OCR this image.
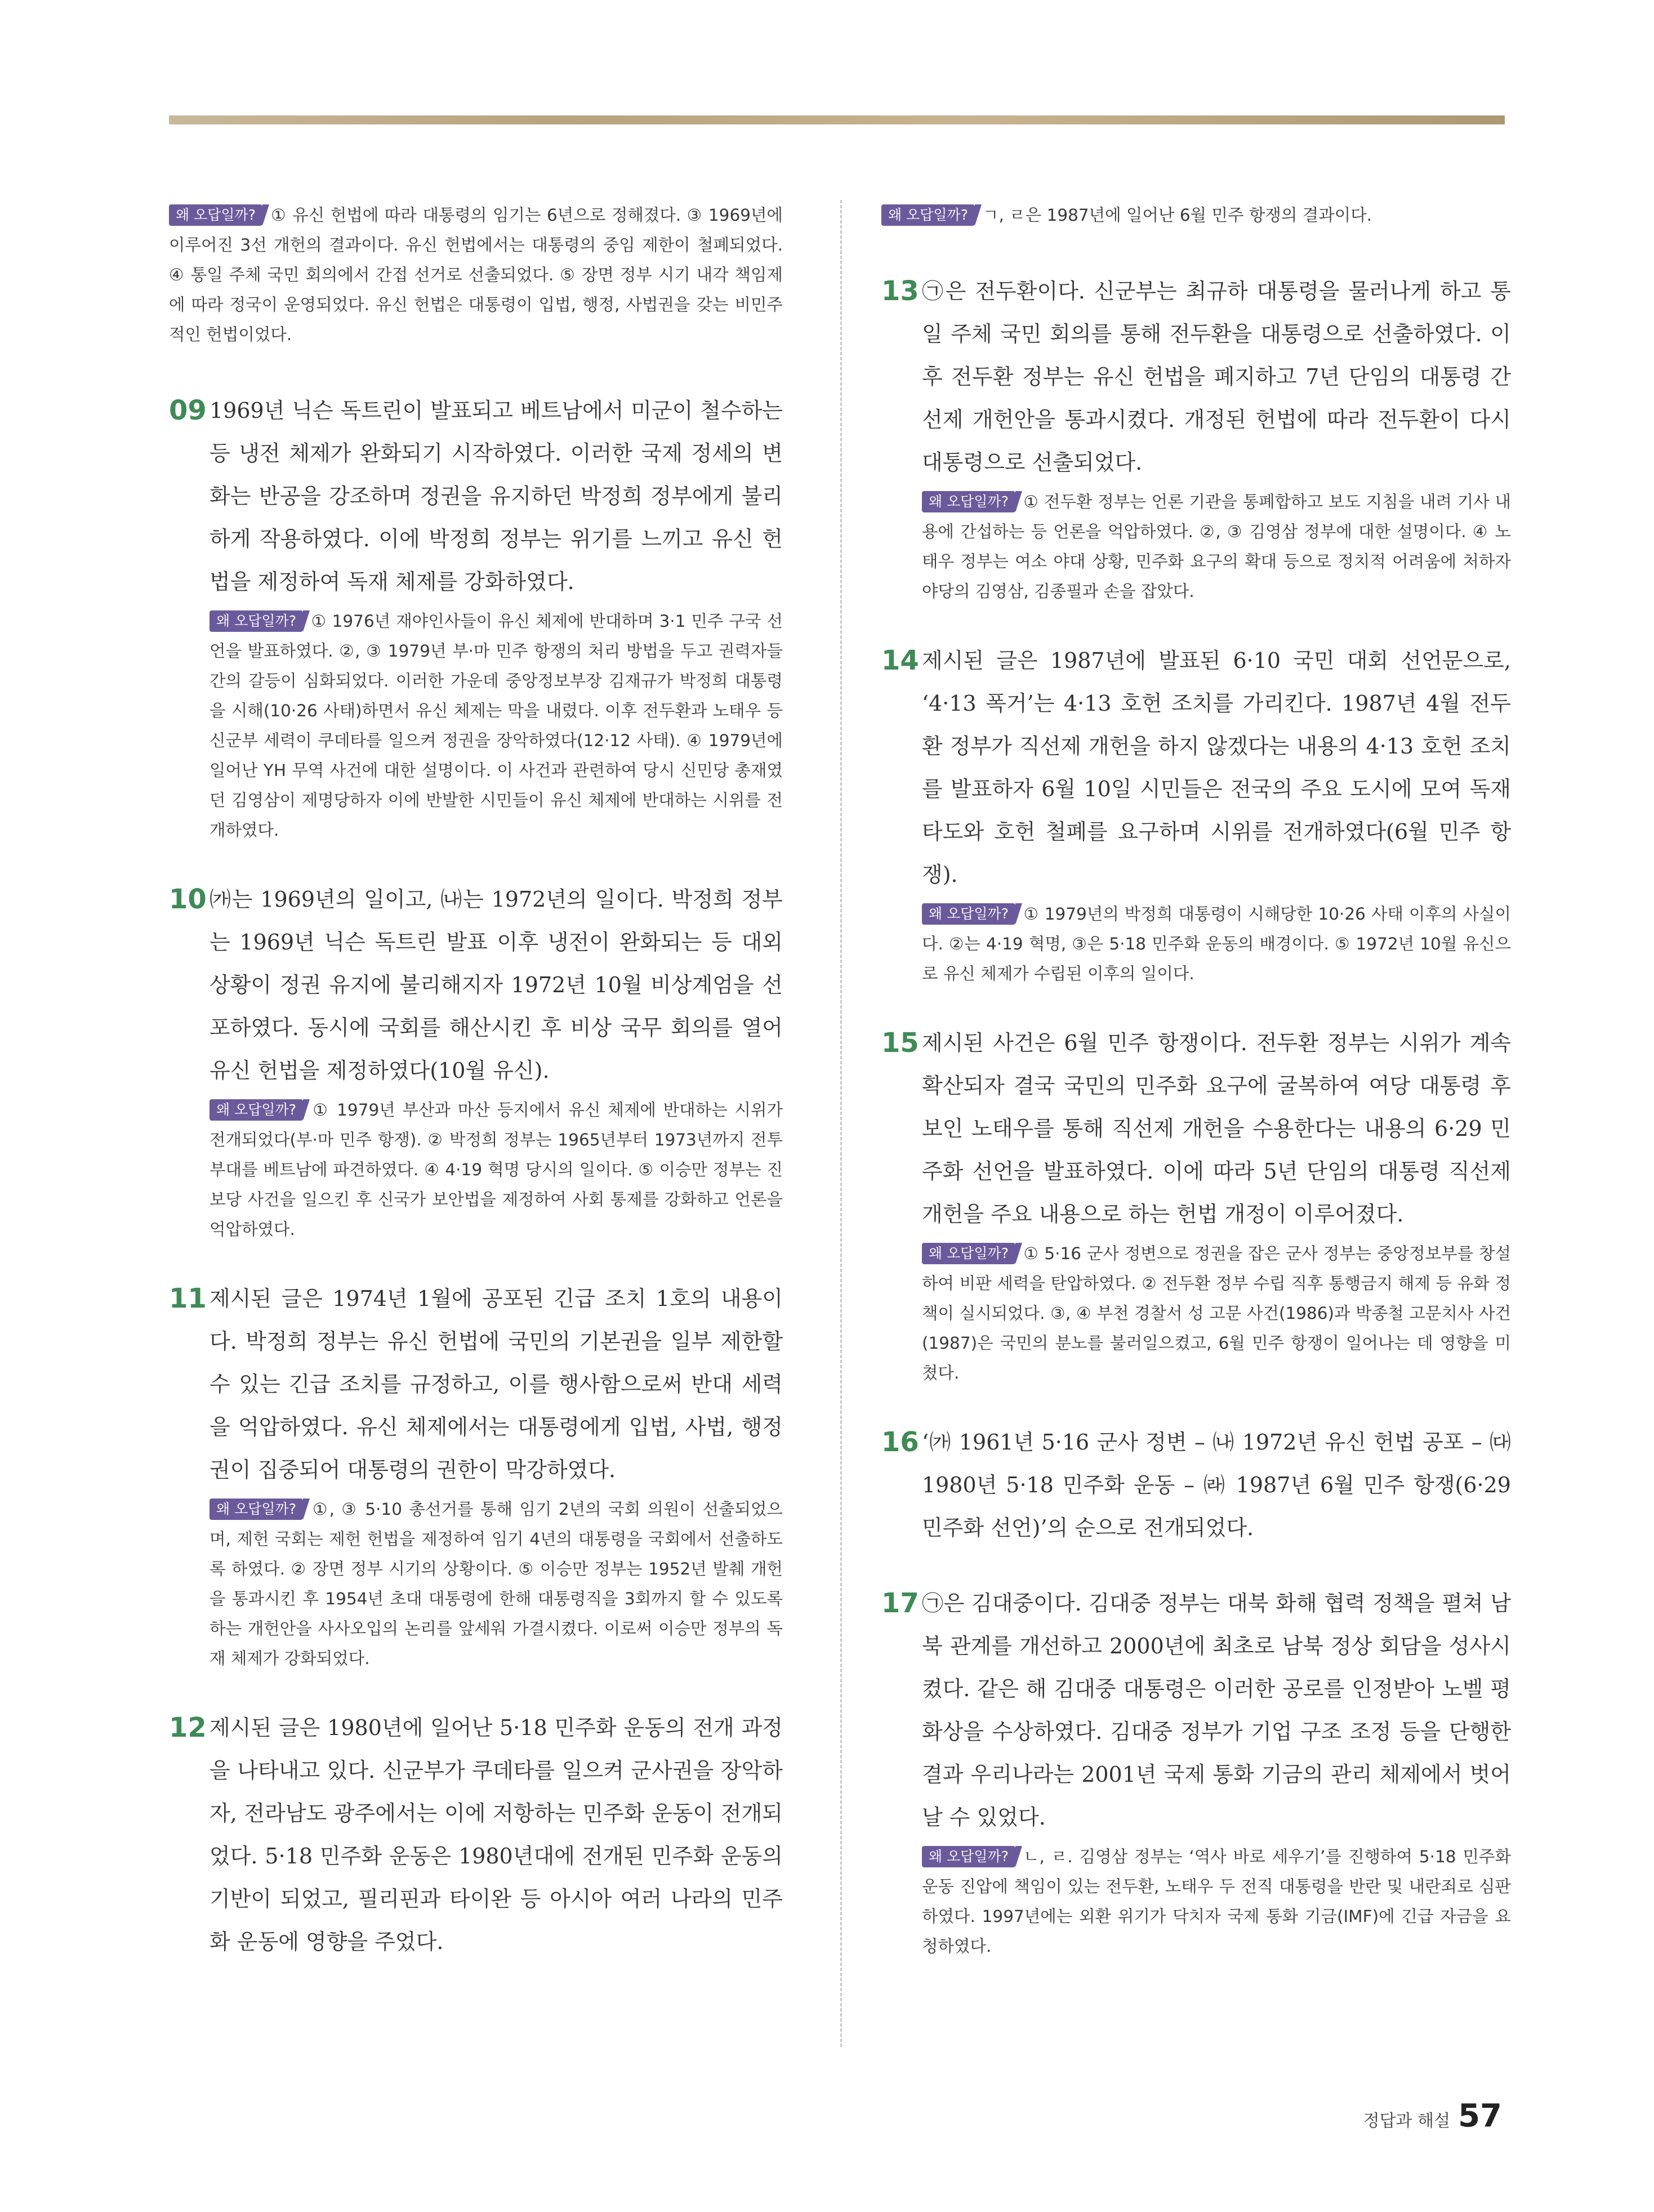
왜 오답일까? ① 유신 헌법에 따라 대통령의 임기는 6년으로 정해졌다. ③ 1969년에 이루어진 3선 개헌의 결과이다. 유신 헌법에서는 대통령의 중임 제한이 철폐되었다. ④ 통일 주체 국민 회의에서 간접 선거로 선출되었다. ⑤ 장면 정부 시기 내각 책임제에 따라 정국이 운영되었다. 유신 헌법은 대통령이 입법, 행정, 사법권을 갖는 비민주적인 헌법이었다.

09 1969년 닉슨 독트린이 발표되고 베트남에서 미군이 철수하는 등 냉전 체제가 완화되기 시작하였다. 이러한 국제 정세의 변화는 반공을 강조하며 정권을 유지하던 박정희 정부에게 불리하게 작용하였다. 이에 박정희 정부는 위기를 느끼고 유신 헌법을 제정하여 독재 체제를 강화하였다.

왜 오답일까? ① 1976년 재야인사들이 유신 체제에 반대하며 3·1 민주 구국 선언을 발표하였다. ②, ③ 1979년 부·마 민주 항쟁의 처리 방법을 두고 권력자들 간의 갈등이 심화되었다. 이러한 가운데 중앙정보부장 김재규가 박정희 대통령을 시해(10·26 사태)하면서 유신 체제는 막을 내렸다. 이후 전두환과 노태우 등 신군부 세력이 쿠데타를 일으켜 정권을 장악하였다(12·12 사태). ④ 1979년에 일어난 YH 무역 사건에 대한 설명이다. 이 사건과 관련하여 당시 신민당 총재였던 김영삼이 제명당하자 이에 반발한 시민들이 유신 체제에 반대하는 시위를 전개하였다.

10 ㈎는 1969년의 일이고, ㈏는 1972년의 일이다. 박정희 정부는 1969년 닉슨 독트린 발표 이후 냉전이 완화되는 등 대외 상황이 정권 유지에 불리해지자 1972년 10월 비상계엄을 선포하였다. 동시에 국회를 해산시킨 후 비상 국무 회의를 열어 유신 헌법을 제정하였다(10월 유신).

왜 오답일까? ① 1979년 부산과 마산 등지에서 유신 체제에 반대하는 시위가 전개되었다(부·마 민주 항쟁). ② 박정희 정부는 1965년부터 1973년까지 전투 부대를 베트남에 파견하였다. ④ 4·19 혁명 당시의 일이다. ⑤ 이승만 정부는 진보당 사건을 일으킨 후 신국가 보안법을 제정하여 사회 통제를 강화하고 언론을 억압하였다.

11 제시된 글은 1974년 1월에 공포된 긴급 조치 1호의 내용이다. 박정희 정부는 유신 헌법에 국민의 기본권을 일부 제한할 수 있는 긴급 조치를 규정하고, 이를 행사함으로써 반대 세력을 억압하였다. 유신 체제에서는 대통령에게 입법, 사법, 행정권이 집중되어 대통령의 권한이 막강하였다.

왜 오답일까? ①, ③ 5·10 총선거를 통해 임기 2년의 국회 의원이 선출되었으며, 제헌 국회는 제헌 헌법을 제정하여 임기 4년의 대통령을 국회에서 선출하도록 하였다. ② 장면 정부 시기의 상황이다. ⑤ 이승만 정부는 1952년 발췌 개헌을 통과시킨 후 1954년 초대 대통령에 한해 대통령직을 3회까지 할 수 있도록 하는 개헌안을 사사오입의 논리를 앞세워 가결시켰다. 이로써 이승만 정부의 독재 체제가 강화되었다.

12 제시된 글은 1980년에 일어난 5·18 민주화 운동의 전개 과정을 나타내고 있다. 신군부가 쿠데타를 일으켜 군사권을 장악하자, 전라남도 광주에서는 이에 저항하는 민주화 운동이 전개되었다. 5·18 민주화 운동은 1980년대에 전개된 민주화 운동의 기반이 되었고, 필리핀과 타이완 등 아시아 여러 나라의 민주화 운동에 영향을 주었다.

왜 오답일까? ㄱ, ㄹ은 1987년에 일어난 6월 민주 항쟁의 결과이다.

13 ㉠은 전두환이다. 신군부는 최규하 대통령을 물러나게 하고 통일 주체 국민 회의를 통해 전두환을 대통령으로 선출하였다. 이후 전두환 정부는 유신 헌법을 폐지하고 7년 단임의 대통령 간선제 개헌안을 통과시켰다. 개정된 헌법에 따라 전두환이 다시 대통령으로 선출되었다.

왜 오답일까? ① 전두환 정부는 언론 기관을 통폐합하고 보도 지침을 내려 기사 내용에 간섭하는 등 언론을 억압하였다. ②, ③ 김영삼 정부에 대한 설명이다. ④ 노태우 정부는 여소 야대 상황, 민주화 요구의 확대 등으로 정치적 어려움에 처하자 야당의 김영삼, 김종필과 손을 잡았다.

14 제시된 글은 1987년에 발표된 6·10 국민 대회 선언문으로, ‘4·13 폭거’는 4·13 호헌 조치를 가리킨다. 1987년 4월 전두환 정부가 직선제 개헌을 하지 않겠다는 내용의 4·13 호헌 조치를 발표하자 6월 10일 시민들은 전국의 주요 도시에 모여 독재 타도와 호헌 철폐를 요구하며 시위를 전개하였다(6월 민주 항쟁).

왜 오답일까? ① 1979년의 박정희 대통령이 시해당한 10·26 사태 이후의 사실이다. ②는 4·19 혁명, ③은 5·18 민주화 운동의 배경이다. ⑤ 1972년 10월 유신으로 유신 체제가 수립된 이후의 일이다.

15 제시된 사건은 6월 민주 항쟁이다. 전두환 정부는 시위가 계속 확산되자 결국 국민의 민주화 요구에 굴복하여 여당 대통령 후보인 노태우를 통해 직선제 개헌을 수용한다는 내용의 6·29 민주화 선언을 발표하였다. 이에 따라 5년 단임의 대통령 직선제 개헌을 주요 내용으로 하는 헌법 개정이 이루어졌다.

왜 오답일까? ① 5·16 군사 정변으로 정권을 잡은 군사 정부는 중앙정보부를 창설하여 비판 세력을 탄압하였다. ② 전두환 정부 수립 직후 통행금지 해제 등 유화 정책이 실시되었다. ③, ④ 부천 경찰서 성 고문 사건(1986)과 박종철 고문치사 사건(1987)은 국민의 분노를 불러일으켰고, 6월 민주 항쟁이 일어나는 데 영향을 미쳤다.

16 ‘㈎ 1961년 5·16 군사 정변 – ㈏ 1972년 유신 헌법 공포 – ㈐ 1980년 5·18 민주화 운동 – ㈑ 1987년 6월 민주 항쟁(6·29 민주화 선언)’의 순으로 전개되었다.

17 ㉠은 김대중이다. 김대중 정부는 대북 화해 협력 정책을 펼쳐 남북 관계를 개선하고 2000년에 최초로 남북 정상 회담을 성사시켰다. 같은 해 김대중 대통령은 이러한 공로를 인정받아 노벨 평화상을 수상하였다. 김대중 정부가 기업 구조 조정 등을 단행한 결과 우리나라는 2001년 국제 통화 기금의 관리 체제에서 벗어날 수 있었다.

왜 오답일까? ㄴ, ㄹ. 김영삼 정부는 ‘역사 바로 세우기’를 진행하여 5·18 민주화 운동 진압에 책임이 있는 전두환, 노태우 두 전직 대통령을 반란 및 내란죄로 심판하였다. 1997년에는 외환 위기가 닥치자 국제 통화 기금(IMF)에 긴급 자금을 요청하였다.

정답과 해설 57
